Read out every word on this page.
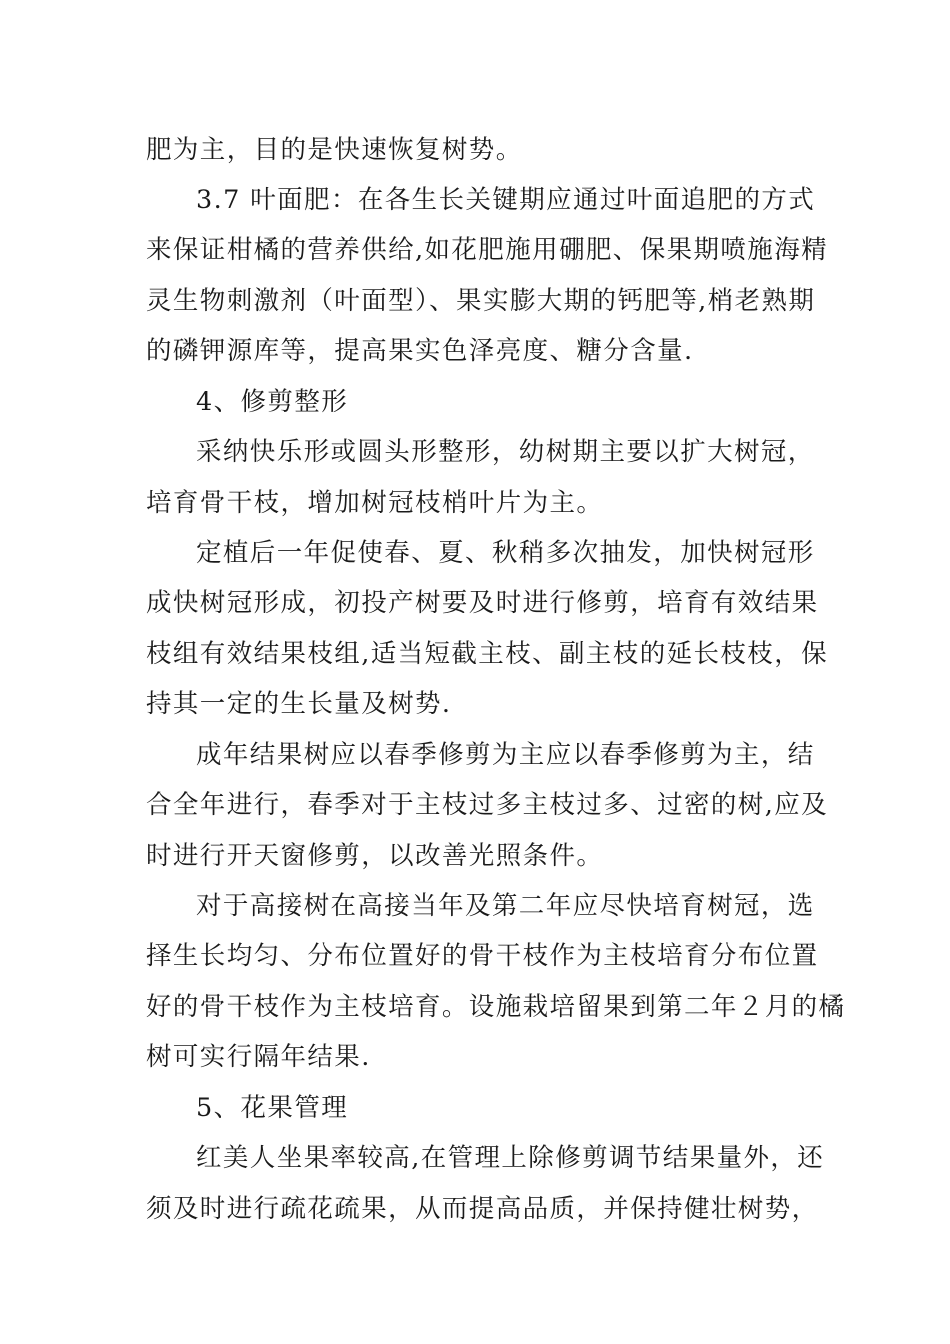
肥为主，目的是快速恢复树势。
3.7 叶面肥：在各生长关键期应通过叶面追肥的方式
来保证柑橘的营养供给,如花肥施用硼肥、保果期喷施海精
灵生物刺激剂（叶面型）、果实膨大期的钙肥等,梢老熟期
的磷钾源库等，提高果实色泽亮度、糖分含量.
4、修剪整形
采纳快乐形或圆头形整形，幼树期主要以扩大树冠，
培育骨干枝，增加树冠枝梢叶片为主。
定植后一年促使春、夏、秋稍多次抽发，加快树冠形
成快树冠形成，初投产树要及时进行修剪，培育有效结果
枝组有效结果枝组,适当短截主枝、副主枝的延长枝枝，保
持其一定的生长量及树势.
成年结果树应以春季修剪为主应以春季修剪为主，结
合全年进行，春季对于主枝过多主枝过多、过密的树,应及
时进行开天窗修剪，以改善光照条件。
对于高接树在高接当年及第二年应尽快培育树冠，选
择生长均匀、分布位置好的骨干枝作为主枝培育分布位置
好的骨干枝作为主枝培育。设施栽培留果到第二年２月的橘
树可实行隔年结果.
5、花果管理
红美人坐果率较高,在管理上除修剪调节结果量外，还
须及时进行疏花疏果，从而提高品质，并保持健壮树势，
